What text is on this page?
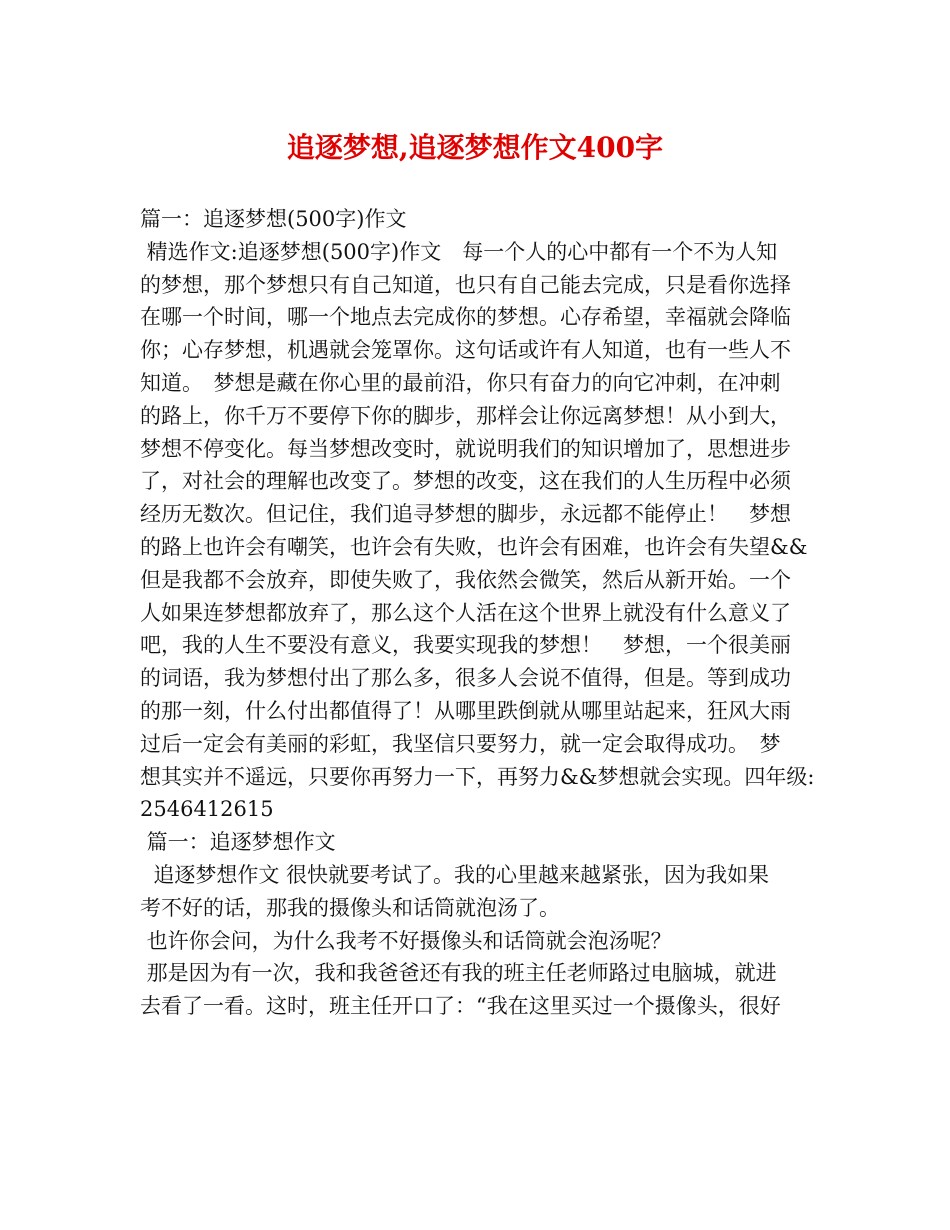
追逐梦想,追逐梦想作文400字
篇一：追逐梦想(500字)作文
精选作文:追逐梦想(500字)作文　每一个人的心中都有一个不为人知
的梦想，那个梦想只有自己知道，也只有自己能去完成，只是看你选择
在哪一个时间，哪一个地点去完成你的梦想。心存希望，幸福就会降临
你；心存梦想，机遇就会笼罩你。这句话或许有人知道，也有一些人不
知道。　梦想是藏在你心里的最前沿，你只有奋力的向它冲刺，在冲刺
的路上，你千万不要停下你的脚步，那样会让你远离梦想！从小到大，
梦想不停变化。每当梦想改变时，就说明我们的知识增加了，思想进步
了，对社会的理解也改变了。梦想的改变，这在我们的人生历程中必须
经历无数次。但记住，我们追寻梦想的脚步，永远都不能停止！　梦想
的路上也许会有嘲笑，也许会有失败，也许会有困难，也许会有失望&&
但是我都不会放弃，即使失败了，我依然会微笑，然后从新开始。一个
人如果连梦想都放弃了，那么这个人活在这个世界上就没有什么意义了
吧，我的人生不要没有意义，我要实现我的梦想！　梦想，一个很美丽
的词语，我为梦想付出了那么多，很多人会说不值得，但是。等到成功
的那一刻，什么付出都值得了！从哪里跌倒就从哪里站起来，狂风大雨
过后一定会有美丽的彩虹，我坚信只要努力，就一定会取得成功。　梦
想其实并不遥远，只要你再努力一下，再努力&&梦想就会实现。四年级:
2546412615
篇一：追逐梦想作文
追逐梦想作文 很快就要考试了。我的心里越来越紧张，因为我如果
考不好的话，那我的摄像头和话筒就泡汤了。
也许你会问，为什么我考不好摄像头和话筒就会泡汤呢？
那是因为有一次，我和我爸爸还有我的班主任老师路过电脑城，就进
去看了一看。这时，班主任开口了：“我在这里买过一个摄像头，很好
